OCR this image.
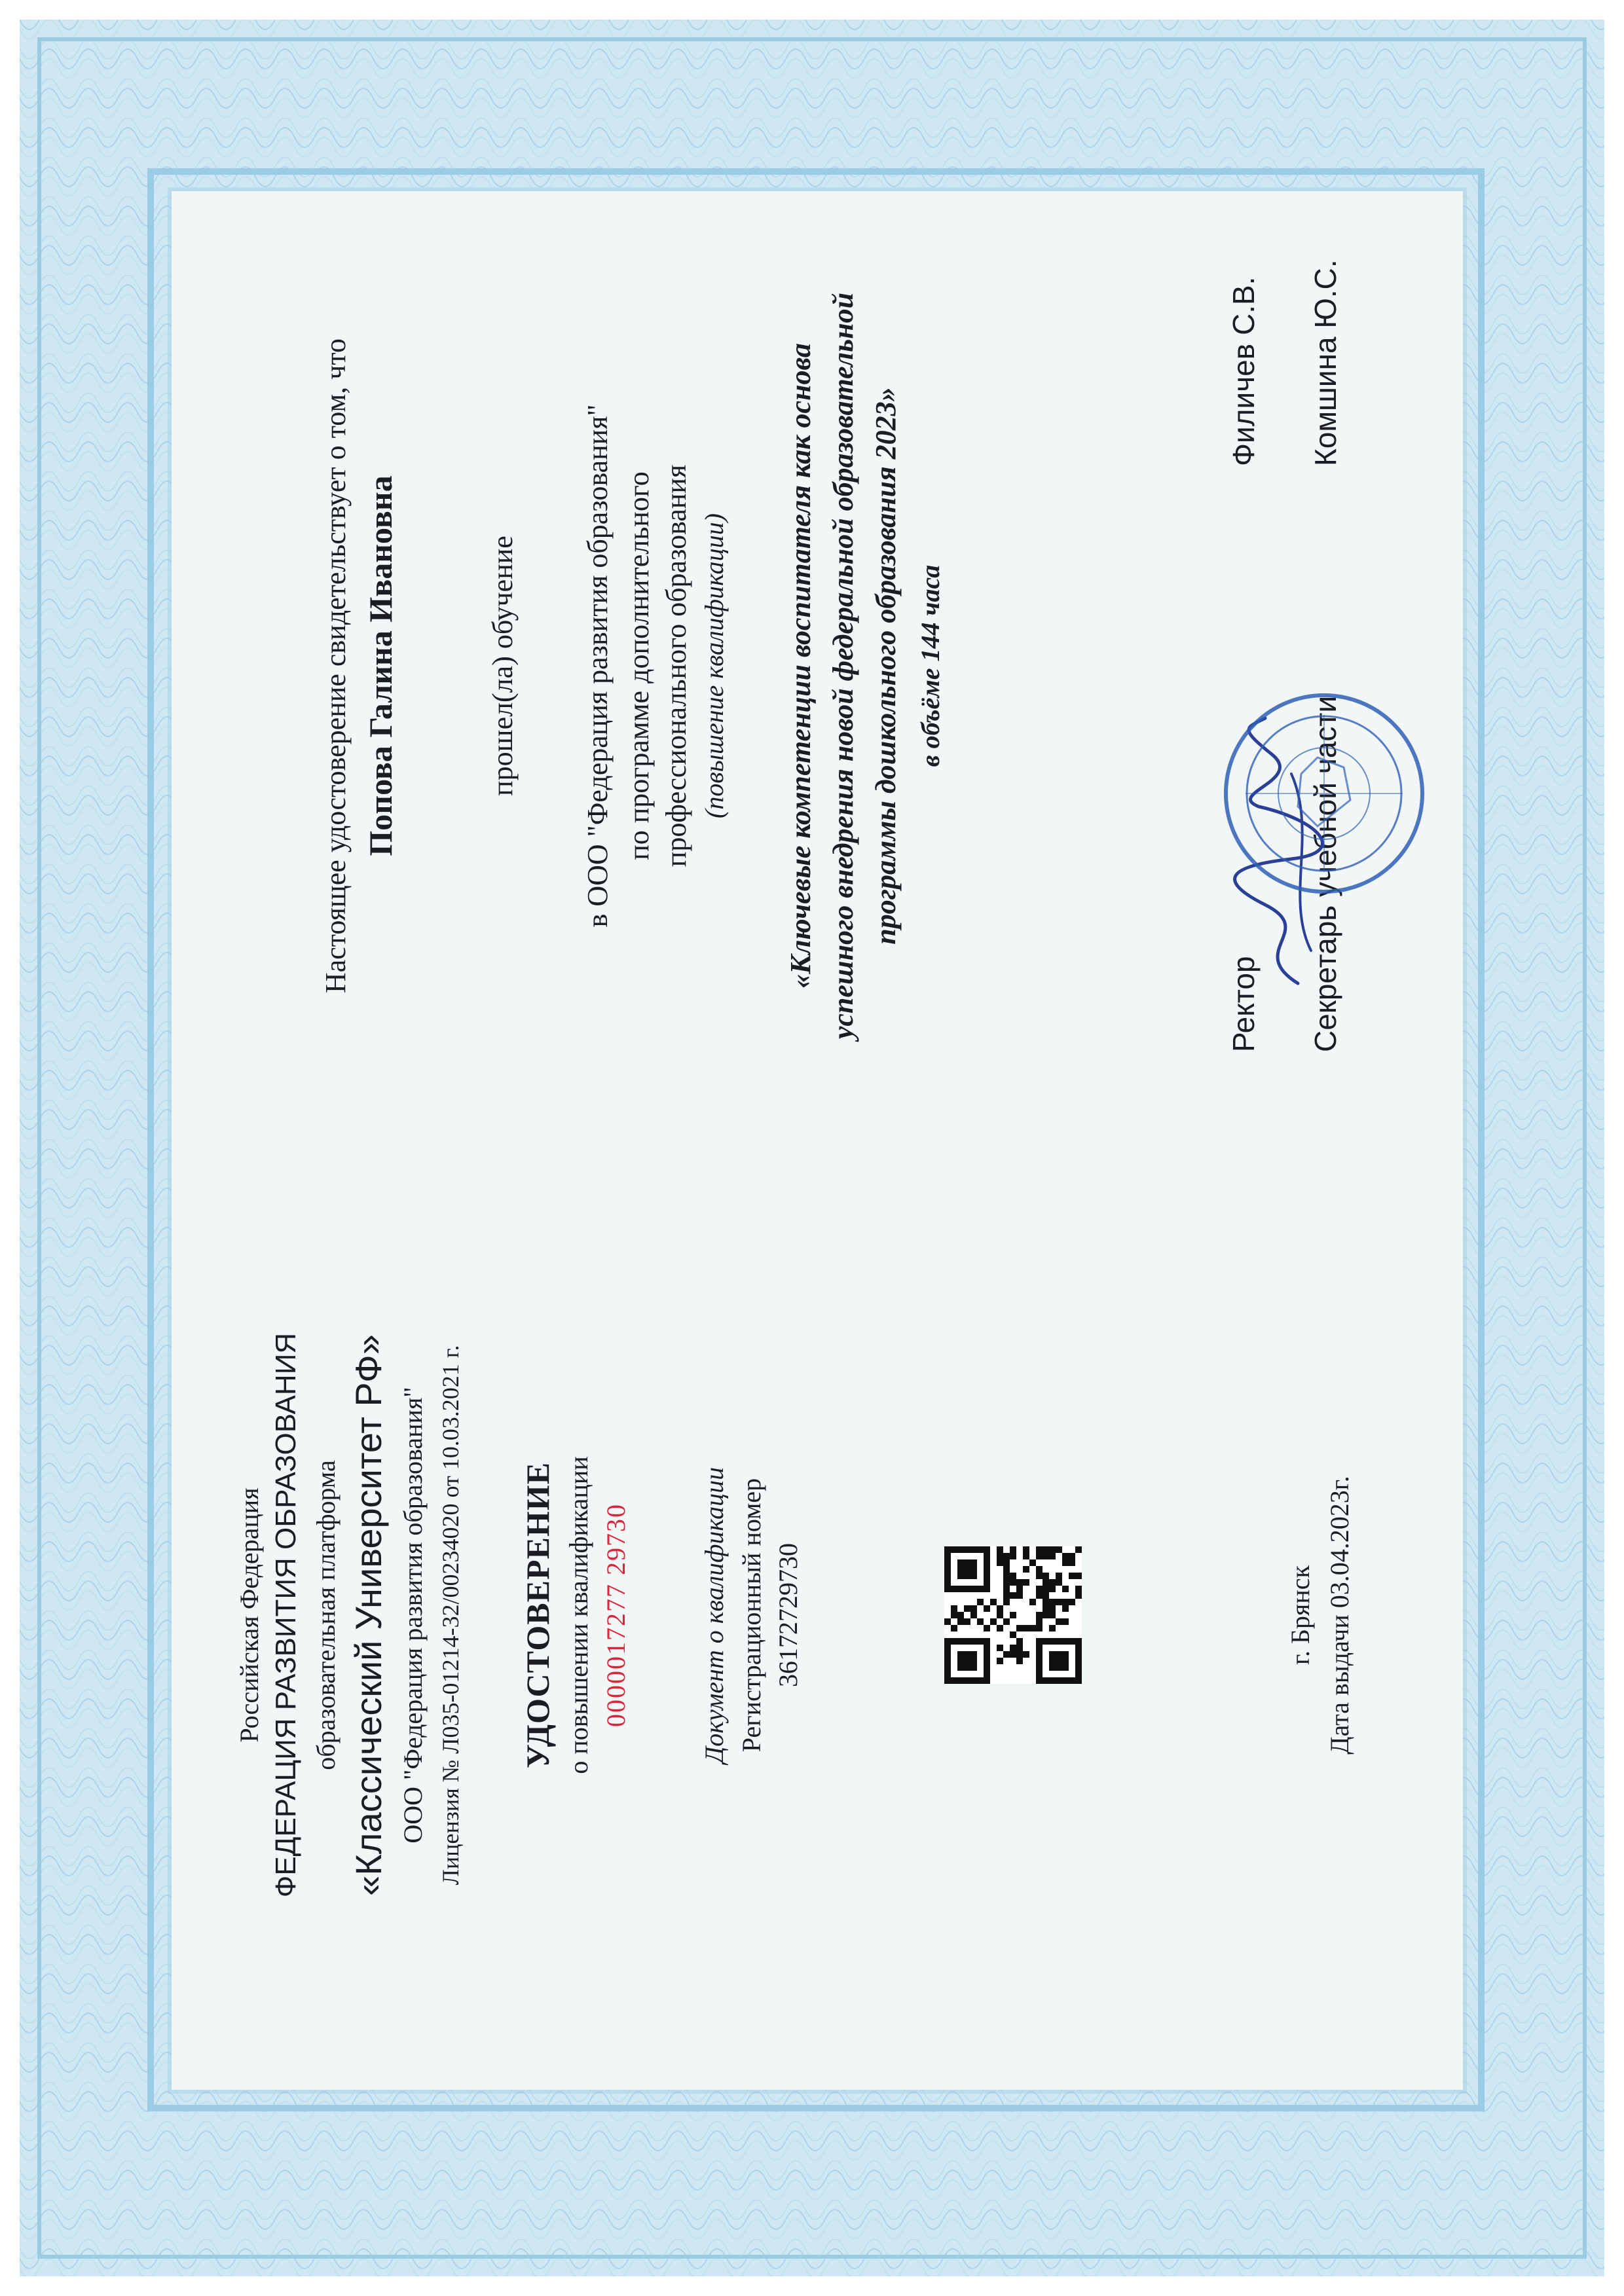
Российская Федерация ФЕДЕРАЦИЯ РАЗВИТИЯ ОБРАЗОВАНИЯ образовательная платформа «Классический Университет РФ» ООО "Федерация развития образования" Лицензия № Л035-01214-32/00234020 от 10.03.2021 г. УДОСТОВЕРЕНИЕ о повышении квалификации 0000017277 29730	Документ о квалификации Регистрационный номер 36172729730	г. Брянск Дата выдачи 03.04.2023г.
Настоящее удостоверение свидетельствует о том, что Попова Галина Ивановна	прошел(ла) обучение в ООО "Федерация развития образования" по программе дополнительного профессионального образования (повышение квалификации) «Ключевые компетенции воспитателя как основа успешного внедрения новой федеральной образовательной программы дошкольного образования 2023» в объёме 144 часа
Ректор
Филичев С.В.
Секретарь учебной части
Комшина Ю.С.
